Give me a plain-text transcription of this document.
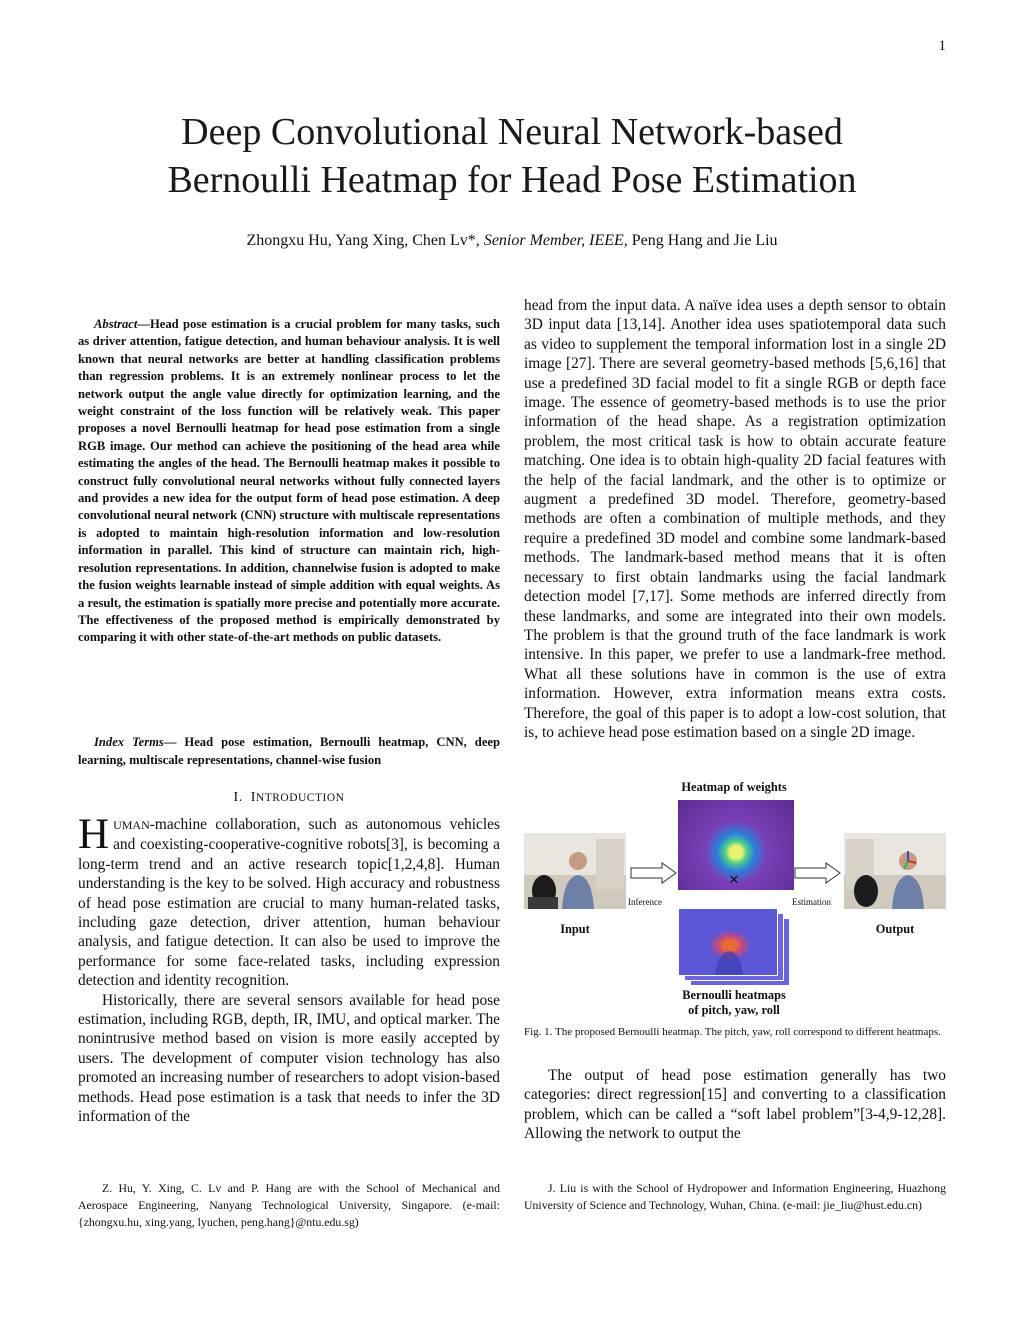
1
Deep Convolutional Neural Network-based
Bernoulli Heatmap for Head Pose Estimation
Zhongxu Hu, Yang Xing, Chen Lv*, Senior Member, IEEE, Peng Hang and Jie Liu
Abstract—Head pose estimation is a crucial problem for many tasks, such as driver attention, fatigue detection, and human behaviour analysis. It is well known that neural networks are better at handling classification problems than regression problems. It is an extremely nonlinear process to let the network output the angle value directly for optimization learning, and the weight constraint of the loss function will be relatively weak. This paper proposes a novel Bernoulli heatmap for head pose estimation from a single RGB image. Our method can achieve the positioning of the head area while estimating the angles of the head. The Bernoulli heatmap makes it possible to construct fully convolutional neural networks without fully connected layers and provides a new idea for the output form of head pose estimation. A deep convolutional neural network (CNN) structure with multiscale representations is adopted to maintain high-resolution information and low-resolution information in parallel. This kind of structure can maintain rich, high-resolution representations. In addition, channelwise fusion is adopted to make the fusion weights learnable instead of simple addition with equal weights. As a result, the estimation is spatially more precise and potentially more accurate. The effectiveness of the proposed method is empirically demonstrated by comparing it with other state-of-the-art methods on public datasets.
Index Terms— Head pose estimation, Bernoulli heatmap, CNN, deep learning, multiscale representations, channel-wise fusion
I. INTRODUCTION
HUMAN-machine collaboration, such as autonomous vehicles and coexisting-cooperative-cognitive robots[3], is becoming a long-term trend and an active research topic[1,2,4,8]. Human understanding is the key to be solved. High accuracy and robustness of head pose estimation are crucial to many human-related tasks, including gaze detection, driver attention, human behaviour analysis, and fatigue detection. It can also be used to improve the performance for some face-related tasks, including expression detection and identity recognition.
Historically, there are several sensors available for head pose estimation, including RGB, depth, IR, IMU, and optical marker. The nonintrusive method based on vision is more easily accepted by users. The development of computer vision technology has also promoted an increasing number of researchers to adopt vision-based methods. Head pose estimation is a task that needs to infer the 3D information of the
head from the input data. A naïve idea uses a depth sensor to obtain 3D input data [13,14]. Another idea uses spatiotemporal data such as video to supplement the temporal information lost in a single 2D image [27]. There are several geometry-based methods [5,6,16] that use a predefined 3D facial model to fit a single RGB or depth face image. The essence of geometry-based methods is to use the prior information of the head shape. As a registration optimization problem, the most critical task is how to obtain accurate feature matching. One idea is to obtain high-quality 2D facial features with the help of the facial landmark, and the other is to optimize or augment a predefined 3D model. Therefore, geometry-based methods are often a combination of multiple methods, and they require a predefined 3D model and combine some landmark-based methods. The landmark-based method means that it is often necessary to first obtain landmarks using the facial landmark detection model [7,17]. Some methods are inferred directly from these landmarks, and some are integrated into their own models. The problem is that the ground truth of the face landmark is work intensive. In this paper, we prefer to use a landmark-free method. What all these solutions have in common is the use of extra information. However, extra information means extra costs. Therefore, the goal of this paper is to adopt a low-cost solution, that is, to achieve head pose estimation based on a single 2D image.
Heatmap of weights
Inference	Estimation
✕
Input	Output
Bernoulli heatmaps
of pitch, yaw, roll
Fig. 1. The proposed Bernoulli heatmap. The pitch, yaw, roll correspond to different heatmaps.
The output of head pose estimation generally has two categories: direct regression[15] and converting to a classification problem, which can be called a “soft label problem”[3-4,9-12,28]. Allowing the network to output the
Z. Hu, Y. Xing, C. Lv and P. Hang are with the School of Mechanical and Aerospace Engineering, Nanyang Technological University, Singapore. (e-mail: {zhongxu.hu, xing.yang, lyuchen, peng.hang}@ntu.edu.sg)
J. Liu is with the School of Hydropower and Information Engineering, Huazhong University of Science and Technology, Wuhan, China. (e-mail: jie_liu@hust.edu.cn)
